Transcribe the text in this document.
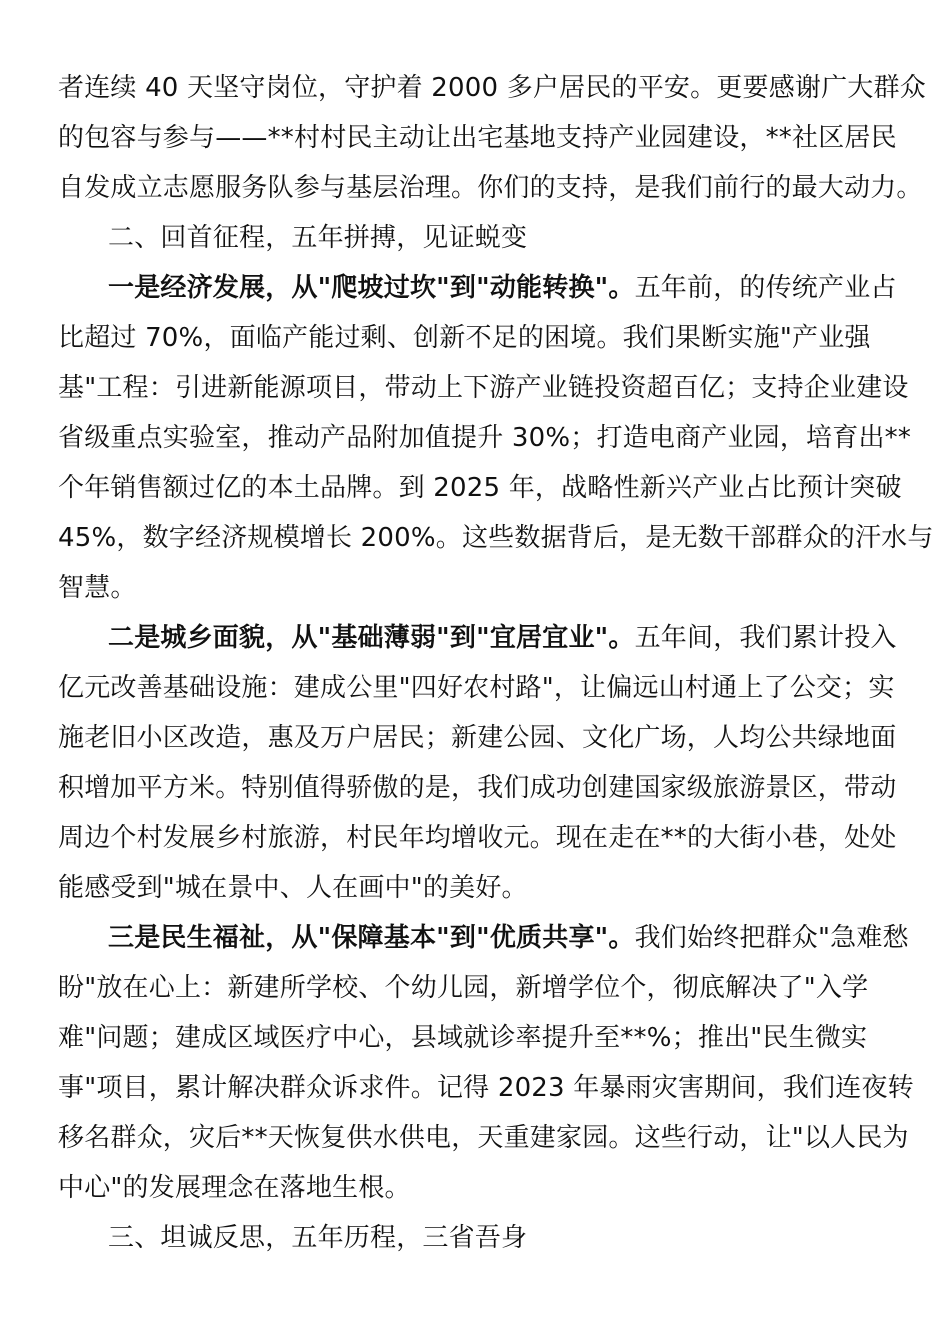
者连续 40 天坚守岗位，守护着 2000 多户居民的平安。更要感谢广大群众
的包容与参与——**村村民主动让出宅基地支持产业园建设，**社区居民
自发成立志愿服务队参与基层治理。你们的支持，是我们前行的最大动力。
二、回首征程，五年拼搏，见证蜕变
一是经济发展，从"爬坡过坎"到"动能转换"。五年前，的传统产业占
比超过 70%，面临产能过剩、创新不足的困境。我们果断实施"产业强
基"工程：引进新能源项目，带动上下游产业链投资超百亿；支持企业建设
省级重点实验室，推动产品附加值提升 30%；打造电商产业园，培育出**
个年销售额过亿的本土品牌。到 2025 年，战略性新兴产业占比预计突破
45%，数字经济规模增长 200%。这些数据背后，是无数干部群众的汗水与
智慧。
二是城乡面貌，从"基础薄弱"到"宜居宜业"。五年间，我们累计投入
亿元改善基础设施：建成公里"四好农村路"，让偏远山村通上了公交；实
施老旧小区改造，惠及万户居民；新建公园、文化广场，人均公共绿地面
积增加平方米。特别值得骄傲的是，我们成功创建国家级旅游景区，带动
周边个村发展乡村旅游，村民年均增收元。现在走在**的大街小巷，处处
能感受到"城在景中、人在画中"的美好。
三是民生福祉，从"保障基本"到"优质共享"。我们始终把群众"急难愁
盼"放在心上：新建所学校、个幼儿园，新增学位个，彻底解决了"入学
难"问题；建成区域医疗中心，县域就诊率提升至**%；推出"民生微实
事"项目，累计解决群众诉求件。记得 2023 年暴雨灾害期间，我们连夜转
移名群众，灾后**天恢复供水供电，天重建家园。这些行动，让"以人民为
中心"的发展理念在落地生根。
三、坦诚反思，五年历程，三省吾身
